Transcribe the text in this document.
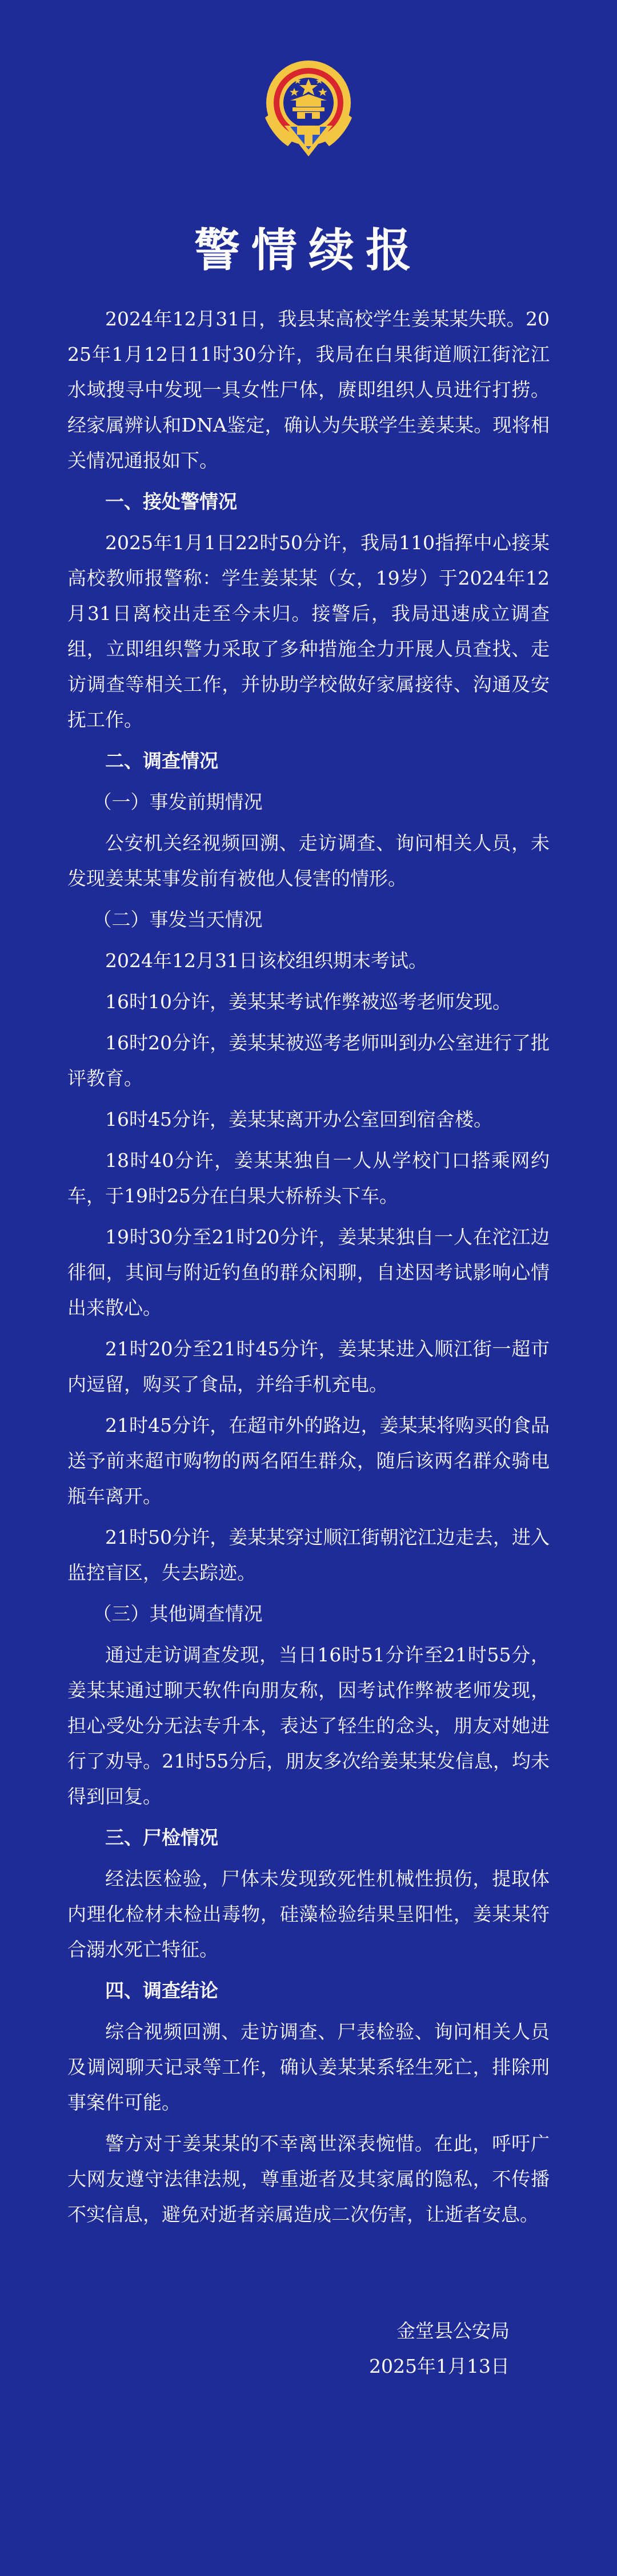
警情续报
2024年12月31日，我县某高校学生姜某某失联。2025年1月12日11时30分许，我局在白果街道顺江街沱江水域搜寻中发现一具女性尸体，赓即组织人员进行打捞。经家属辨认和DNA鉴定，确认为失联学生姜某某。现将相关情况通报如下。
一、接处警情况
2025年1月1日22时50分许，我局110指挥中心接某高校教师报警称：学生姜某某（女，19岁）于2024年12月31日离校出走至今未归。接警后，我局迅速成立调查组，立即组织警力采取了多种措施全力开展人员查找、走访调查等相关工作，并协助学校做好家属接待、沟通及安抚工作。
二、调查情况
（一）事发前期情况
公安机关经视频回溯、走访调查、询问相关人员，未发现姜某某事发前有被他人侵害的情形。
（二）事发当天情况
2024年12月31日该校组织期末考试。
16时10分许，姜某某考试作弊被巡考老师发现。
16时20分许，姜某某被巡考老师叫到办公室进行了批评教育。
16时45分许，姜某某离开办公室回到宿舍楼。
18时40分许，姜某某独自一人从学校门口搭乘网约车，于19时25分在白果大桥桥头下车。
19时30分至21时20分许，姜某某独自一人在沱江边徘徊，其间与附近钓鱼的群众闲聊，自述因考试影响心情出来散心。
21时20分至21时45分许，姜某某进入顺江街一超市内逗留，购买了食品，并给手机充电。
21时45分许，在超市外的路边，姜某某将购买的食品送予前来超市购物的两名陌生群众，随后该两名群众骑电瓶车离开。
21时50分许，姜某某穿过顺江街朝沱江边走去，进入监控盲区，失去踪迹。
（三）其他调查情况
通过走访调查发现，当日16时51分许至21时55分，姜某某通过聊天软件向朋友称，因考试作弊被老师发现，担心受处分无法专升本，表达了轻生的念头，朋友对她进行了劝导。21时55分后，朋友多次给姜某某发信息，均未得到回复。
三、尸检情况
经法医检验，尸体未发现致死性机械性损伤，提取体内理化检材未检出毒物，硅藻检验结果呈阳性，姜某某符合溺水死亡特征。
四、调查结论
综合视频回溯、走访调查、尸表检验、询问相关人员及调阅聊天记录等工作，确认姜某某系轻生死亡，排除刑事案件可能。
警方对于姜某某的不幸离世深表惋惜。在此，呼吁广大网友遵守法律法规，尊重逝者及其家属的隐私，不传播不实信息，避免对逝者亲属造成二次伤害，让逝者安息。
金堂县公安局
2025年1月13日
